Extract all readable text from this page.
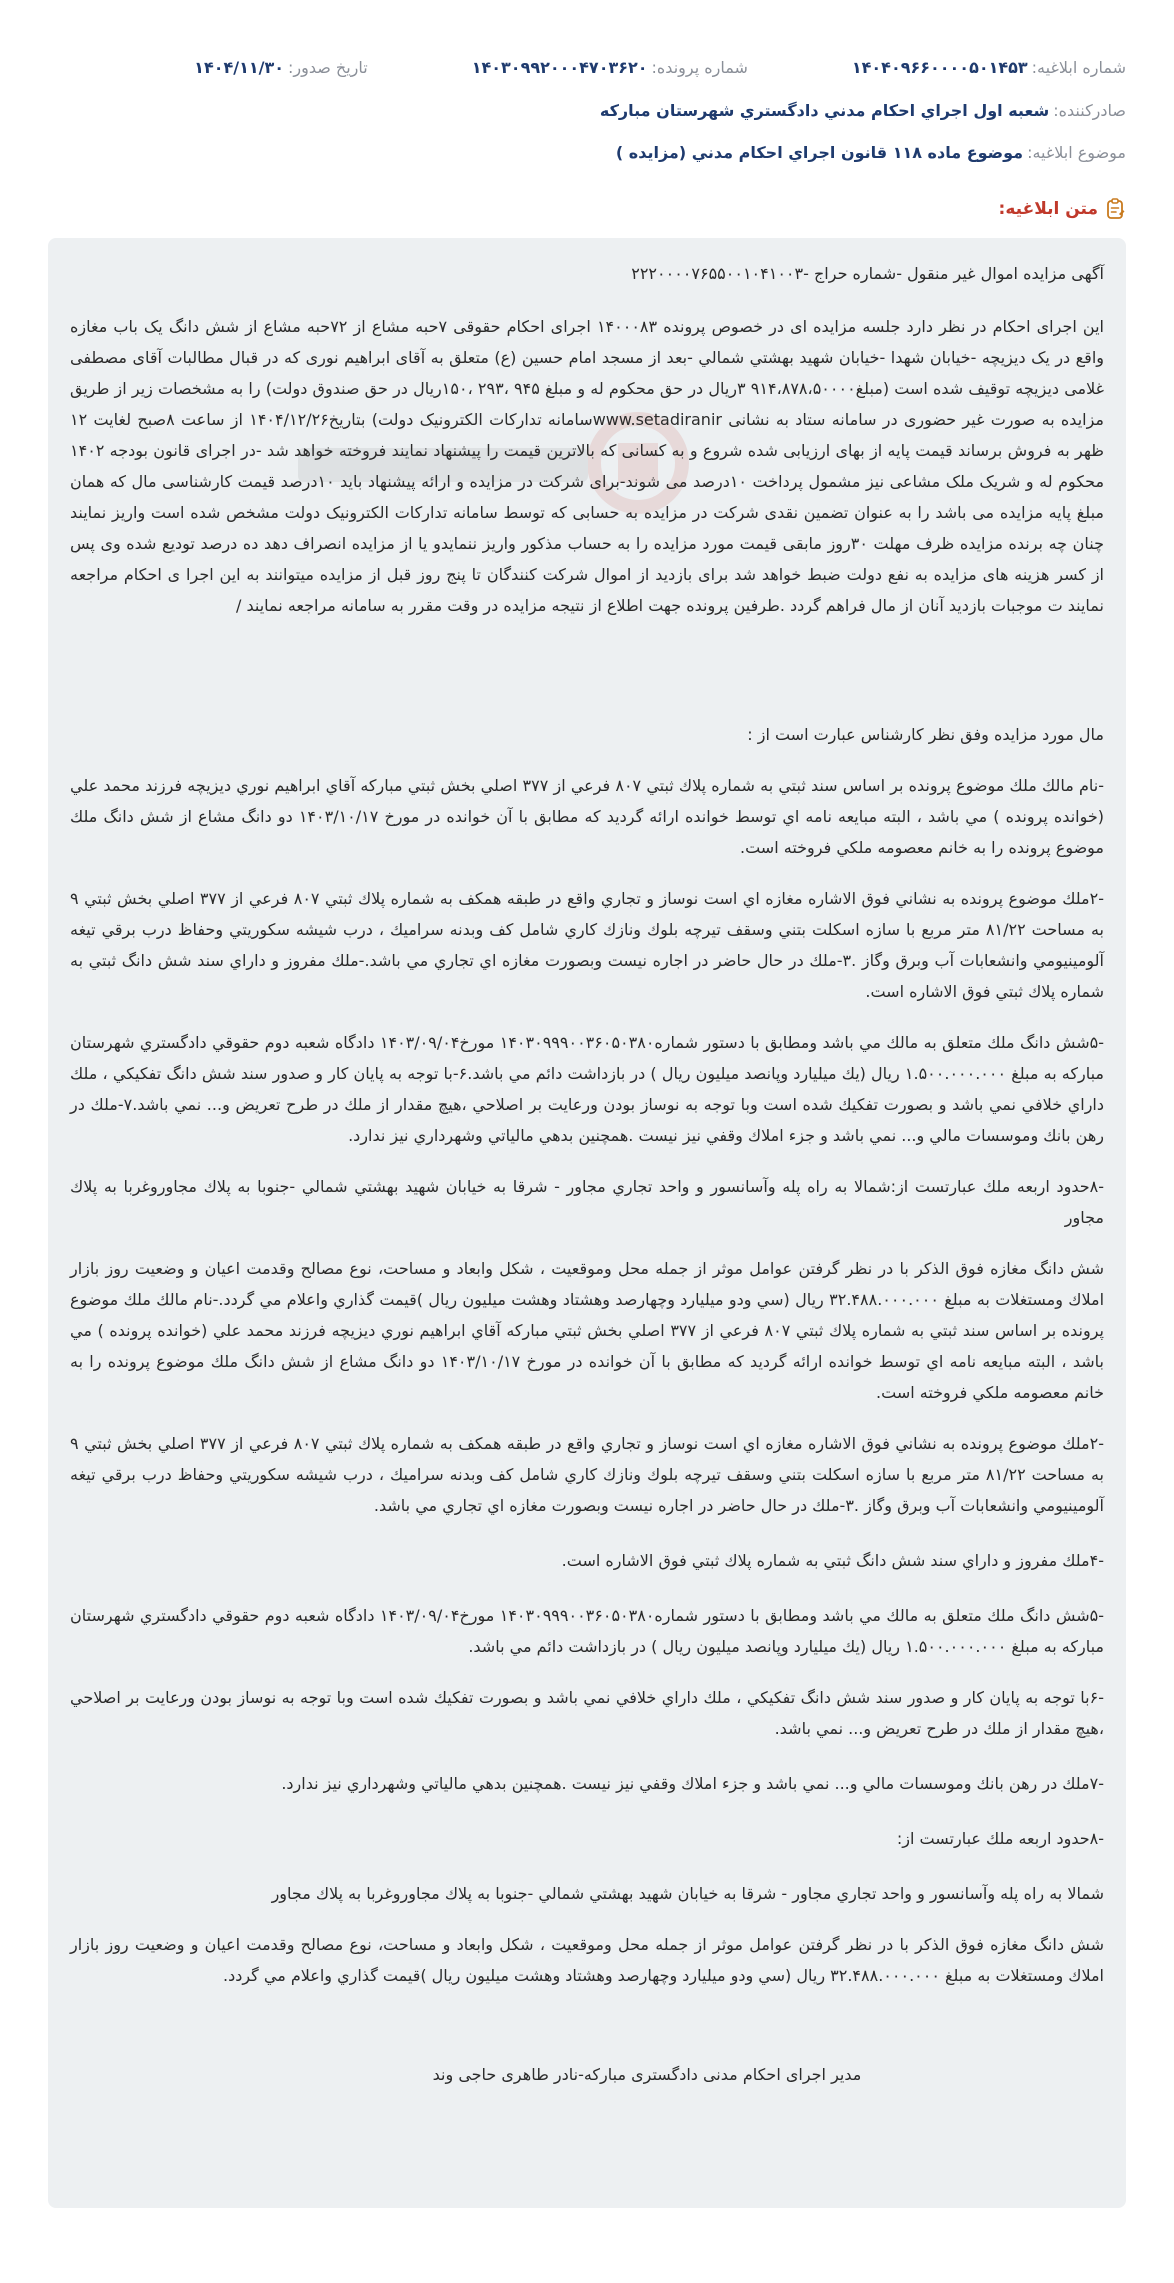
شماره ابلاغيه:
۱۴۰۴۰۹۶۶۰۰۰۰۵۰۱۴۵۳
شماره پرونده:
۱۴۰۳۰۹۹۲۰۰۰۴۷۰۳۶۲۰
تاريخ صدور:
۱۴۰۴/۱۱/۳۰
صادرکننده:
شعبه اول اجراي احكام مدني دادگستري شهرستان مباركه
موضوع ابلاغيه:
موضوع ماده ۱۱۸ قانون اجراي احكام مدني (مزايده )
متن ابلاغيه:

آگهی مزايده اموال غير منقول -شماره حراج -۲۲۲۰۰۰۰۷۶۵۵۰۰۱۰۴۱۰۰۳

اين اجرای احكام در نظر دارد جلسه مزايده ای در خصوص پرونده ۱۴۰۰۰۸۳ اجرای احكام حقوقی ۷حبه مشاع از ۷۲حبه مشاع از شش دانگ يک باب مغازه واقع در يک ديزيچه -خيابان شهدا -خيابان شهيد بهشتي شمالي -بعد از مسجد امام حسين (ع) متعلق به آقای ابراهيم نوری كه در قبال مطالبات آقای مصطفی غلامی ديزيچه توقيف شده است (مبلغ۹۱۴،۸۷۸،۵۰۰۰۰ ۳ريال در حق محكوم له و مبلغ ۹۴۵ ،۲۹۳ ،۱۵۰ريال در حق صندوق دولت) را به مشخصات زير از طريق مزايده به صورت غير حضوری در سامانه ستاد به نشانی www.setadiranirسامانه تداركات الكترونيک دولت) بتاريخ۱۴۰۴/۱۲/۲۶ از ساعت ۸صبح لغايت ۱۲ ظهر به فروش برساند قيمت پايه از بهای ارزيابی شده شروع و به كسانی كه بالاترين قيمت را پيشنهاد نمايند فروخته خواهد شد -در اجرای قانون بودجه ۱۴۰۲ محكوم له و شريک ملک مشاعی نيز مشمول پرداخت ۱۰درصد می شوند-برای شركت در مزايده و ارائه پيشنهاد بايد ۱۰درصد قيمت كارشناسی مال كه همان مبلغ پايه مزايده می باشد را به عنوان تضمين نقدی شركت در مزايده به حسابی كه توسط سامانه تداركات الكترونيک دولت مشخص شده است واريز نمايند چنان چه برنده مزايده ظرف مهلت ۳۰روز مابقی قيمت مورد مزايده را به حساب مذكور واريز ننمايدو يا از مزايده انصراف دهد ده درصد توديع شده وی پس از كسر هزينه های مزايده به نفع دولت ضبط خواهد شد برای بازديد از اموال شركت كنندگان تا پنج روز قبل از مزايده ميتوانند به اين اجرا ی احكام مراجعه نمايند ت موجبات بازديد آنان از مال فراهم گردد .طرفين پرونده جهت اطلاع از نتيجه مزايده در وقت مقرر به سامانه مراجعه نمايند /

مال مورد مزايده وفق نظر كارشناس عبارت است از :

-نام مالك ملك موضوع پرونده بر اساس سند ثبتي به شماره پلاك ثبتي ۸۰۷ فرعي از ۳۷۷ اصلي بخش ثبتي مباركه آقاي ابراهيم نوري ديزيچه فرزند محمد علي (خوانده پرونده ) مي باشد ، البته مبايعه نامه اي توسط خوانده ارائه گرديد كه مطابق با آن خوانده در مورخ ۱۴۰۳/۱۰/۱۷ دو دانگ مشاع از شش دانگ ملك موضوع پرونده را به خانم معصومه ملكي فروخته است.

-۲ملك موضوع پرونده به نشاني فوق الاشاره مغازه اي است نوساز و تجاري واقع در طبقه همكف به شماره پلاك ثبتي ۸۰۷ فرعي از ۳۷۷ اصلي بخش ثبتي ۹ به مساحت ۸۱/۲۲ متر مربع با سازه اسكلت بتني وسقف تيرچه بلوك ونازك كاري شامل كف وبدنه سراميك ، درب شيشه سكوريتي وحفاظ درب برقي تيغه آلومينيومي وانشعابات آب وبرق وگاز .۳-ملك در حال حاضر در اجاره نيست وبصورت مغازه اي تجاري مي باشد.-ملك مفروز و داراي سند شش دانگ ثبتي به شماره پلاك ثبتي فوق الاشاره است.

-۵شش دانگ ملك متعلق به مالك مي باشد ومطابق با دستور شماره۱۴۰۳۰۹۹۹۰۰۳۶۰۵۰۳۸۰ مورخ۱۴۰۳/۰۹/۰۴ دادگاه شعبه دوم حقوقي دادگستري شهرستان مباركه به مبلغ ۱.۵۰۰.۰۰۰.۰۰۰ ريال (يك ميليارد وپانصد ميليون ريال ) در بازداشت دائم مي باشد.۶-با توجه به پايان كار و صدور سند شش دانگ تفكيكي ، ملك داراي خلافي نمي باشد و بصورت تفكيك شده است وبا توجه به نوساز بودن ورعايت بر اصلاحي ،هيچ مقدار از ملك در طرح تعريض و... نمي باشد.۷-ملك در رهن بانك وموسسات مالي و... نمي باشد و جزء املاك وقفي نيز نيست .همچنين بدهي مالياتي وشهرداري نيز ندارد.

-۸حدود اربعه ملك عبارتست از:شمالا به راه پله وآسانسور و واحد تجاري مجاور - شرقا به خيابان شهيد بهشتي شمالي -جنوبا به پلاك مجاوروغربا به پلاك مجاور

شش دانگ مغازه فوق الذكر با در نظر گرفتن عوامل موثر از جمله محل وموقعيت ، شكل وابعاد و مساحت، نوع مصالح وقدمت اعيان و وضعيت روز بازار املاك ومستغلات به مبلغ ۳۲.۴۸۸.۰۰۰.۰۰۰ ريال (سي ودو ميليارد وچهارصد وهشتاد وهشت ميليون ريال )قيمت گذاري واعلام مي گردد.-نام مالك ملك موضوع پرونده بر اساس سند ثبتي به شماره پلاك ثبتي ۸۰۷ فرعي از ۳۷۷ اصلي بخش ثبتي مباركه آقاي ابراهيم نوري ديزيچه فرزند محمد علي (خوانده پرونده ) مي باشد ، البته مبايعه نامه اي توسط خوانده ارائه گرديد كه مطابق با آن خوانده در مورخ ۱۴۰۳/۱۰/۱۷ دو دانگ مشاع از شش دانگ ملك موضوع پرونده را به خانم معصومه ملكي فروخته است.

-۲ملك موضوع پرونده به نشاني فوق الاشاره مغازه اي است نوساز و تجاري واقع در طبقه همكف به شماره پلاك ثبتي ۸۰۷ فرعي از ۳۷۷ اصلي بخش ثبتي ۹ به مساحت ۸۱/۲۲ متر مربع با سازه اسكلت بتني وسقف تيرچه بلوك ونازك كاري شامل كف وبدنه سراميك ، درب شيشه سكوريتي وحفاظ درب برقي تيغه آلومينيومي وانشعابات آب وبرق وگاز .۳-ملك در حال حاضر در اجاره نيست وبصورت مغازه اي تجاري مي باشد.

-۴ملك مفروز و داراي سند شش دانگ ثبتي به شماره پلاك ثبتي فوق الاشاره است.

-۵شش دانگ ملك متعلق به مالك مي باشد ومطابق با دستور شماره۱۴۰۳۰۹۹۹۰۰۳۶۰۵۰۳۸۰ مورخ۱۴۰۳/۰۹/۰۴ دادگاه شعبه دوم حقوقي دادگستري شهرستان مباركه به مبلغ ۱.۵۰۰.۰۰۰.۰۰۰ ريال (يك ميليارد وپانصد ميليون ريال ) در بازداشت دائم مي باشد.

-۶با توجه به پايان كار و صدور سند شش دانگ تفكيكي ، ملك داراي خلافي نمي باشد و بصورت تفكيك شده است وبا توجه به نوساز بودن ورعايت بر اصلاحي ،هيچ مقدار از ملك در طرح تعريض و... نمي باشد.

-۷ملك در رهن بانك وموسسات مالي و... نمي باشد و جزء املاك وقفي نيز نيست .همچنين بدهي مالياتي وشهرداري نيز ندارد.

-۸حدود اربعه ملك عبارتست از:

شمالا به راه پله وآسانسور و واحد تجاري مجاور - شرقا به خيابان شهيد بهشتي شمالي -جنوبا به پلاك مجاوروغربا به پلاك مجاور

شش دانگ مغازه فوق الذكر با در نظر گرفتن عوامل موثر از جمله محل وموقعيت ، شكل وابعاد و مساحت، نوع مصالح وقدمت اعيان و وضعيت روز بازار املاك ومستغلات به مبلغ ۳۲.۴۸۸.۰۰۰.۰۰۰ ريال (سي ودو ميليارد وچهارصد وهشتاد وهشت ميليون ريال )قيمت گذاري واعلام مي گردد.

مدير اجرای احكام مدنی دادگستری مباركه-نادر طاهری حاجی وند
